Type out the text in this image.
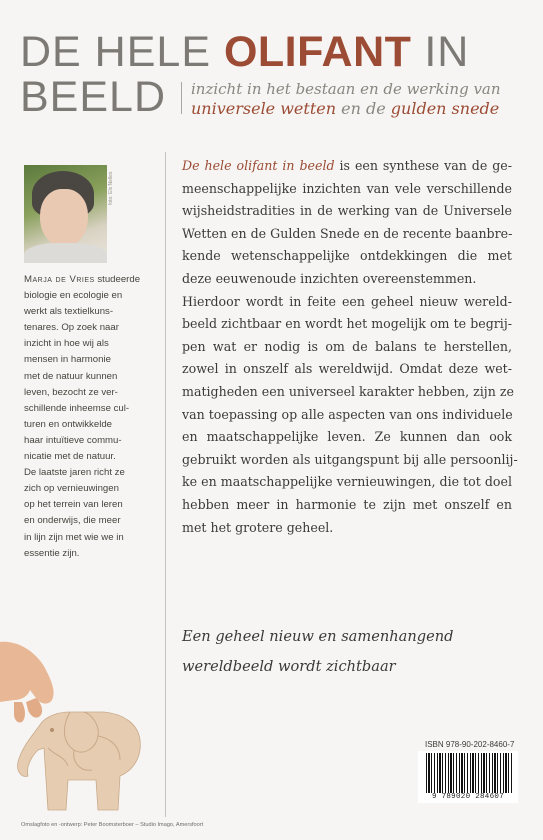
DE HELE OLIFANT IN
BEELD inzicht in het bestaan en de werking van
universele wetten en de gulden snede
foto: Els Nelles
Marja de Vries studeerde
biologie en ecologie en
werkt als textielkuns-
tenares. Op zoek naar
inzicht in hoe wij als
mensen in harmonie
met de natuur kunnen
leven, bezocht ze ver-
schillende inheemse cul-
turen en ontwikkelde
haar intuïtieve commu-
nicatie met de natuur.
De laatste jaren richt ze
zich op vernieuwingen
op het terrein van leren
en onderwijs, die meer
in lijn zijn met wie we in
essentie zijn.
De hele olifant in beeld is een synthese van de ge-
meenschappelijke inzichten van vele verschillende
wijsheidstradities in de werking van de Universele
Wetten en de Gulden Snede en de recente baanbre-
kende wetenschappelijke ontdekkingen die met
deze eeuwenoude inzichten overeenstemmen.
Hierdoor wordt in feite een geheel nieuw wereld-
beeld zichtbaar en wordt het mogelijk om te begrij-
pen wat er nodig is om de balans te herstellen,
zowel in onszelf als wereldwijd. Omdat deze wet-
matigheden een universeel karakter hebben, zijn ze
van toepassing op alle aspecten van ons individuele
en maatschappelijke leven. Ze kunnen dan ook
gebruikt worden als uitgangspunt bij alle persoonlij-
ke en maatschappelijke vernieuwingen, die tot doel
hebben meer in harmonie te zijn met onszelf en
met het grotere geheel.
Een geheel nieuw en samenhangend
wereldbeeld wordt zichtbaar
ISBN 978-90-202-8460-7
9 789020 284607
Omslagfoto en -ontwerp: Peter Boomsterboer – Studio Imago, Amersfoort
